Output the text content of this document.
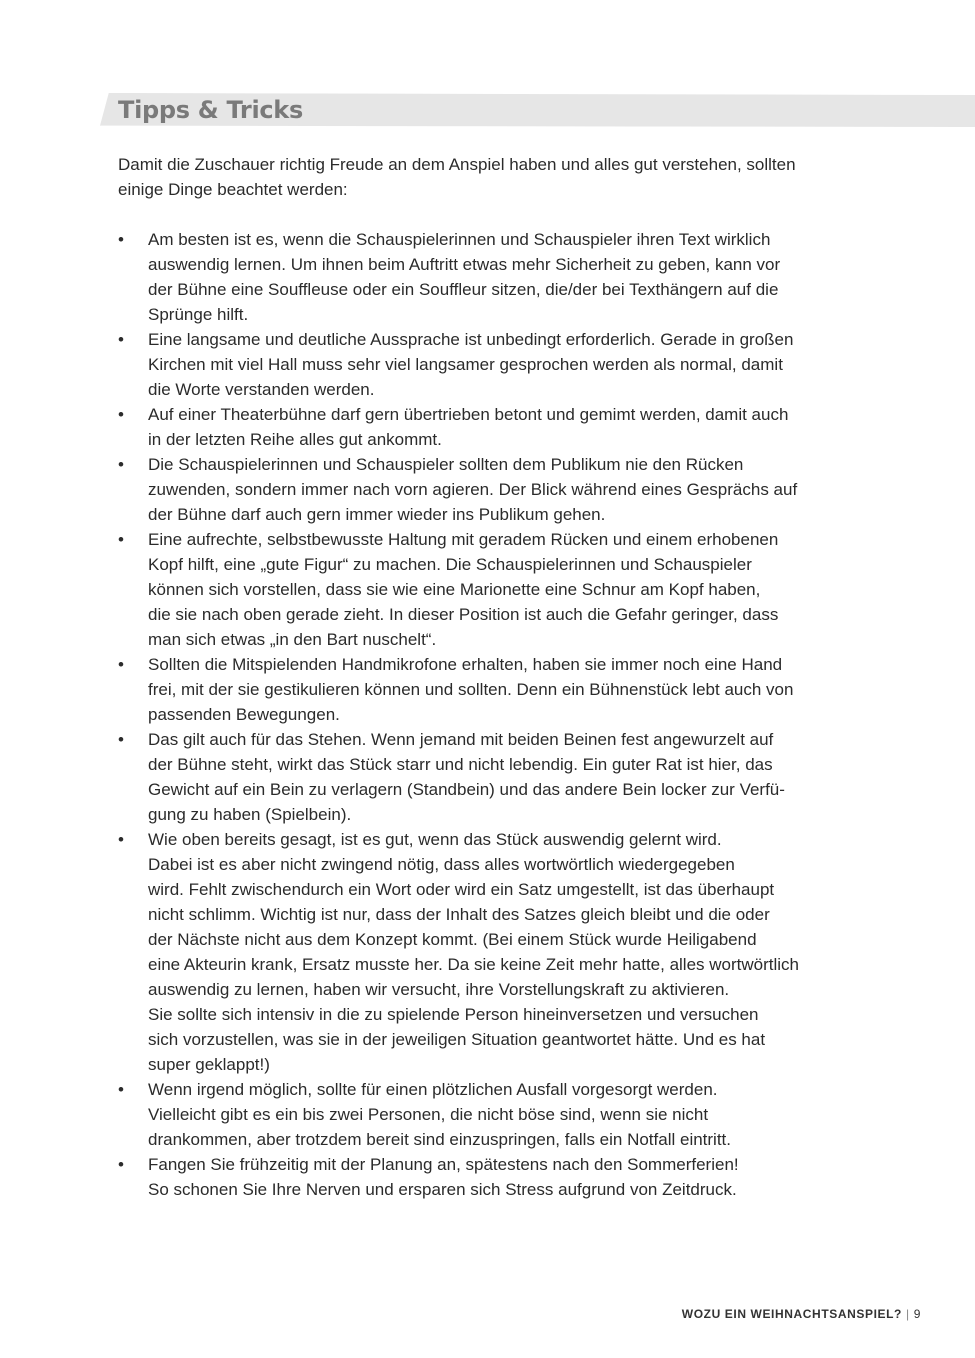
Tipps & Tricks

Damit die Zuschauer richtig Freude an dem Anspiel haben und alles gut verstehen, sollten
einige Dinge beachtet werden:

• Am besten ist es, wenn die Schauspielerinnen und Schauspieler ihren Text wirklich
auswendig lernen. Um ihnen beim Auftritt etwas mehr Sicherheit zu geben, kann vor
der Bühne eine Souffleuse oder ein Souffleur sitzen, die/der bei Texthängern auf die
Sprünge hilft.
• Eine langsame und deutliche Aussprache ist unbedingt erforderlich. Gerade in großen
Kirchen mit viel Hall muss sehr viel langsamer gesprochen werden als normal, damit
die Worte verstanden werden.
• Auf einer Theaterbühne darf gern übertrieben betont und gemimt werden, damit auch
in der letzten Reihe alles gut ankommt.
• Die Schauspielerinnen und Schauspieler sollten dem Publikum nie den Rücken
zuwenden, sondern immer nach vorn agieren. Der Blick während eines Gesprächs auf
der Bühne darf auch gern immer wieder ins Publikum gehen.
• Eine aufrechte, selbstbewusste Haltung mit geradem Rücken und einem erhobenen
Kopf hilft, eine „gute Figur“ zu machen. Die Schauspielerinnen und Schauspieler
können sich vorstellen, dass sie wie eine Marionette eine Schnur am Kopf haben,
die sie nach oben gerade zieht. In dieser Position ist auch die Gefahr geringer, dass
man sich etwas „in den Bart nuschelt“.
• Sollten die Mitspielenden Handmikrofone erhalten, haben sie immer noch eine Hand
frei, mit der sie gestikulieren können und sollten. Denn ein Bühnenstück lebt auch von
passenden Bewegungen.
• Das gilt auch für das Stehen. Wenn jemand mit beiden Beinen fest angewurzelt auf
der Bühne steht, wirkt das Stück starr und nicht lebendig. Ein guter Rat ist hier, das
Gewicht auf ein Bein zu verlagern (Standbein) und das andere Bein locker zur Verfü-
gung zu haben (Spielbein).
• Wie oben bereits gesagt, ist es gut, wenn das Stück auswendig gelernt wird.
Dabei ist es aber nicht zwingend nötig, dass alles wortwörtlich wiedergegeben
wird. Fehlt zwischendurch ein Wort oder wird ein Satz umgestellt, ist das überhaupt
nicht schlimm. Wichtig ist nur, dass der Inhalt des Satzes gleich bleibt und die oder
der Nächste nicht aus dem Konzept kommt. (Bei einem Stück wurde Heiligabend
eine Akteurin krank, Ersatz musste her. Da sie keine Zeit mehr hatte, alles wortwörtlich
auswendig zu lernen, haben wir versucht, ihre Vorstellungskraft zu aktivieren.
Sie sollte sich intensiv in die zu spielende Person hineinversetzen und versuchen
sich vorzustellen, was sie in der jeweiligen Situation geantwortet hätte. Und es hat
super geklappt!)
• Wenn irgend möglich, sollte für einen plötzlichen Ausfall vorgesorgt werden.
Vielleicht gibt es ein bis zwei Personen, die nicht böse sind, wenn sie nicht
drankommen, aber trotzdem bereit sind einzuspringen, falls ein Notfall eintritt.
• Fangen Sie frühzeitig mit der Planung an, spätestens nach den Sommerferien!
So schonen Sie Ihre Nerven und ersparen sich Stress aufgrund von Zeitdruck.
WOZU EIN WEIHNACHTSANSPIEL? | 9
